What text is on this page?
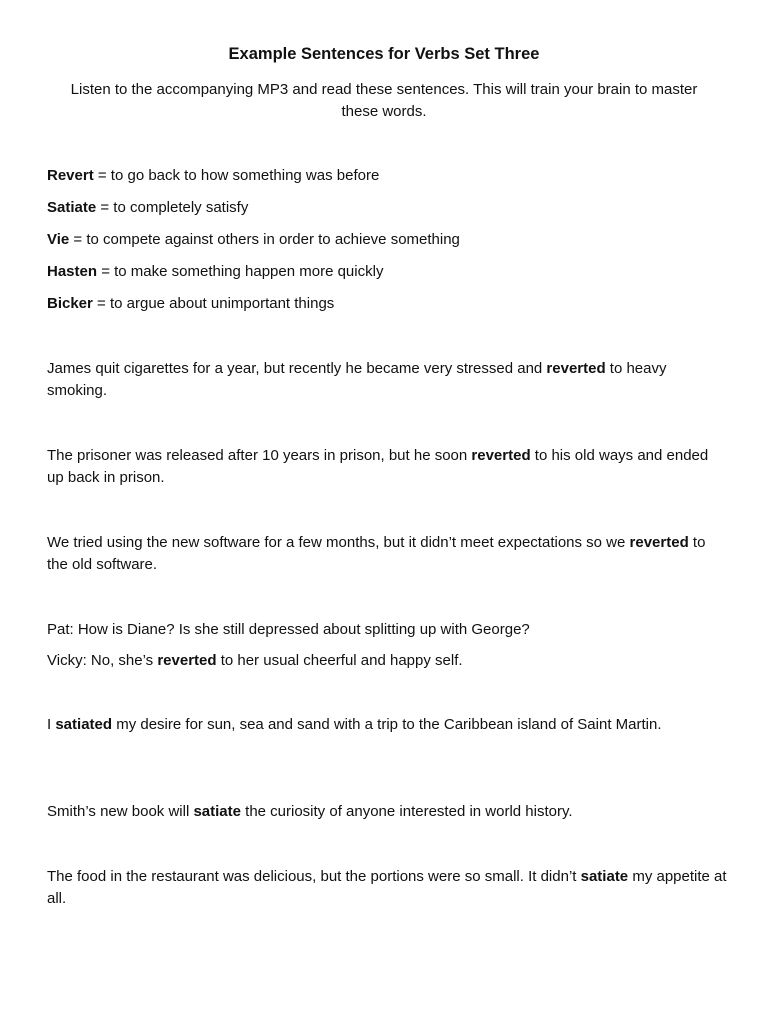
Example Sentences for Verbs Set Three

Listen to the accompanying MP3 and read these sentences. This will train your brain to master these words.

Revert = to go back to how something was before

Satiate = to completely satisfy

Vie = to compete against others in order to achieve something

Hasten = to make something happen more quickly

Bicker = to argue about unimportant things

James quit cigarettes for a year, but recently he became very stressed and reverted to heavy smoking.

The prisoner was released after 10 years in prison, but he soon reverted to his old ways and ended up back in prison.

We tried using the new software for a few months, but it didn’t meet expectations so we reverted to the old software.

Pat: How is Diane? Is she still depressed about splitting up with George?

Vicky: No, she’s reverted to her usual cheerful and happy self.

I satiated my desire for sun, sea and sand with a trip to the Caribbean island of Saint Martin.

Smith’s new book will satiate the curiosity of anyone interested in world history.

The food in the restaurant was delicious, but the portions were so small. It didn’t satiate my appetite at all.
